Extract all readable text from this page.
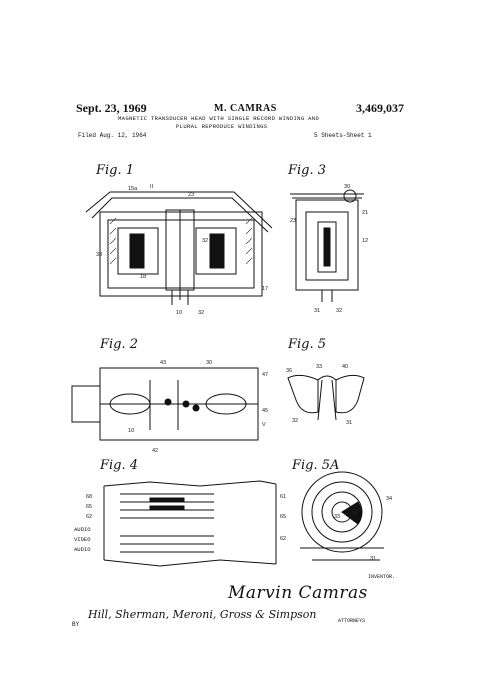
Sept. 23, 1969	M. CAMRAS	3,469,037
MAGNETIC TRANSDUCER HEAD WITH SINGLE RECORD WINDING AND
PLURAL REPRODUCE WINDINGS
Filed Aug. 12, 1964	5 Sheets-Sheet 1
Fig. 1	Fig. 3
Fig. 2	Fig. 5
Fig. 4	Fig. 5A
15a II
23
38
17
10	32
32
18
30
23
21
12
31	32
43	30
47
45
V
10
42
36
33	40
32	31
68
65
62
61
65
62
33
32
34
31
AUDIO
VIDEO
AUDIO
INVENTOR.
Marvin Camras
BY
Hill, Sherman, Meroni, Gross & Simpson	ATTORNEYS
